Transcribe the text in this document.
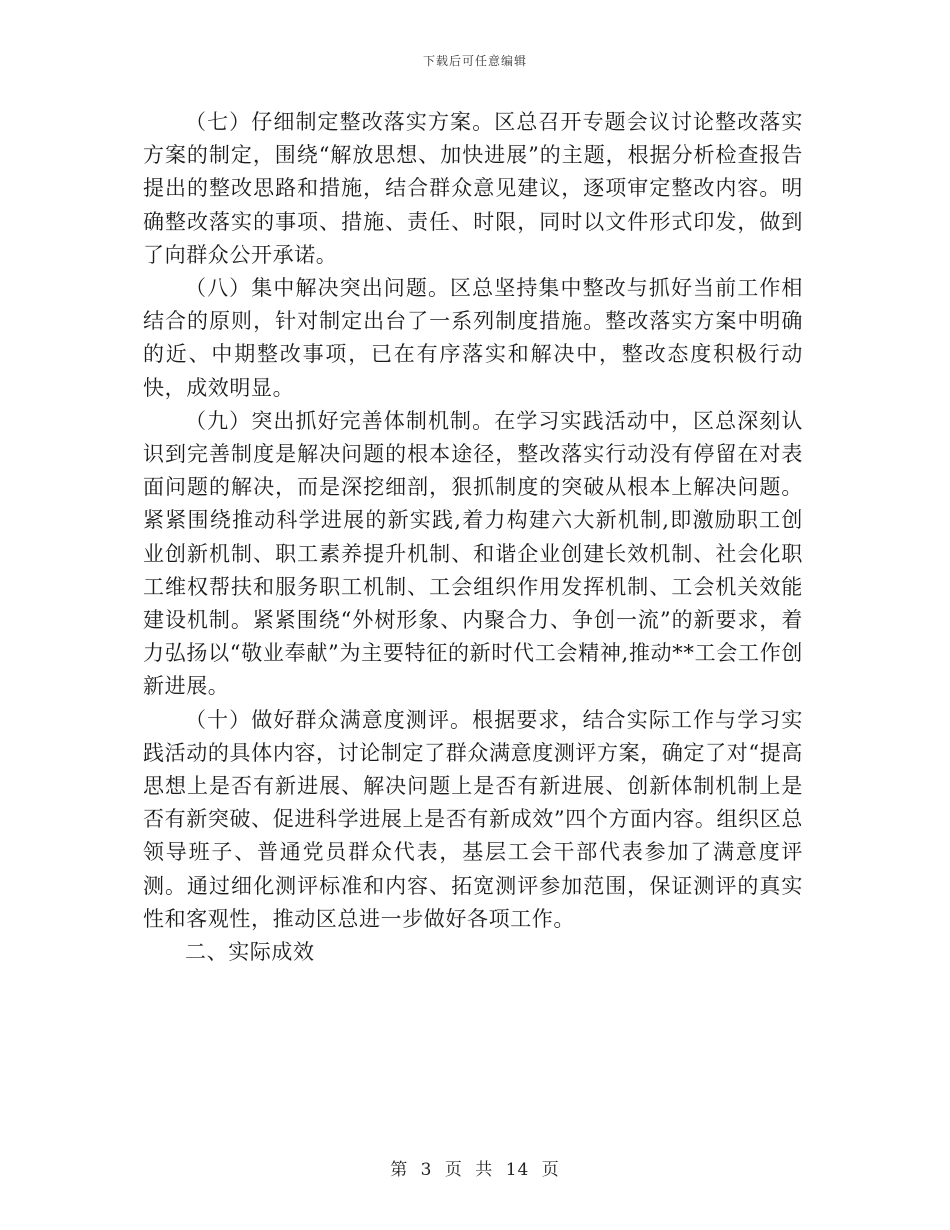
下载后可任意编辑

（七）仔细制定整改落实方案。区总召开专题会议讨论整改落实方案的制定，围绕“解放思想、加快进展”的主题，根据分析检查报告提出的整改思路和措施，结合群众意见建议，逐项审定整改内容。明确整改落实的事项、措施、责任、时限，同时以文件形式印发，做到了向群众公开承诺。

（八）集中解决突出问题。区总坚持集中整改与抓好当前工作相结合的原则，针对制定出台了一系列制度措施。整改落实方案中明确的近、中期整改事项，已在有序落实和解决中，整改态度积极行动快，成效明显。

（九）突出抓好完善体制机制。在学习实践活动中，区总深刻认识到完善制度是解决问题的根本途径，整改落实行动没有停留在对表面问题的解决，而是深挖细剖，狠抓制度的突破从根本上解决问题。紧紧围绕推动科学进展的新实践,着力构建六大新机制,即激励职工创业创新机制、职工素养提升机制、和谐企业创建长效机制、社会化职工维权帮扶和服务职工机制、工会组织作用发挥机制、工会机关效能建设机制。紧紧围绕“外树形象、内聚合力、争创一流”的新要求，着力弘扬以“敬业奉献”为主要特征的新时代工会精神,推动**工会工作创新进展。

（十）做好群众满意度测评。根据要求，结合实际工作与学习实践活动的具体内容，讨论制定了群众满意度测评方案，确定了对“提高思想上是否有新进展、解决问题上是否有新进展、创新体制机制上是否有新突破、促进科学进展上是否有新成效”四个方面内容。组织区总领导班子、普通党员群众代表，基层工会干部代表参加了满意度评测。通过细化测评标准和内容、拓宽测评参加范围，保证测评的真实性和客观性，推动区总进一步做好各项工作。

二、实际成效

第 3 页 共 14 页
